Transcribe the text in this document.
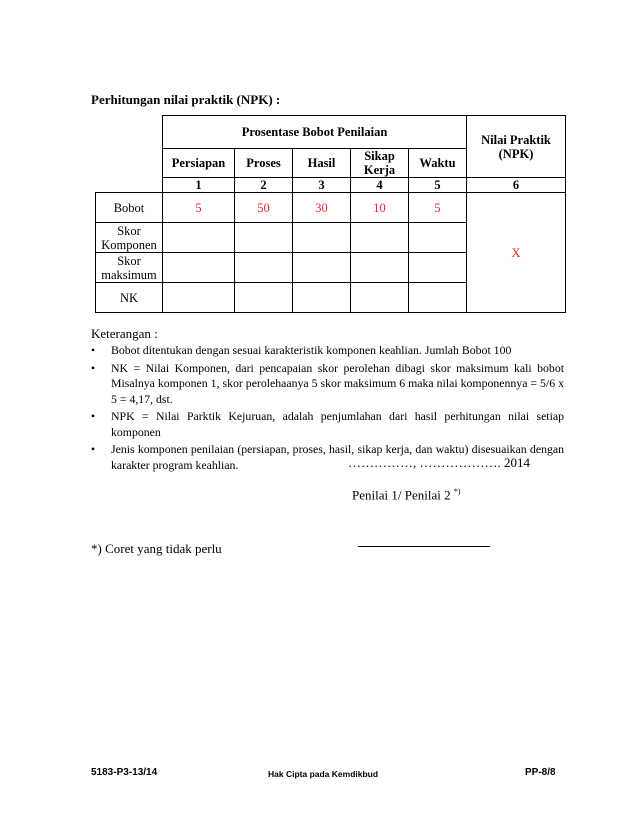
Perhitungan nilai praktik (NPK) :
	Prosentase Bobot Penilaian					Nilai Praktik (NPK)
	Persiapan	Proses	Hasil	Sikap Kerja	Waktu	
	1	2	3	4	5	6
Bobot	5	50	30	10	5	X
Skor Komponen						
Skor maksimum						
NK						
Keterangan :
• Bobot ditentukan dengan sesuai karakteristik komponen keahlian. Jumlah Bobot 100
• NK = Nilai Komponen, dari pencapaian skor perolehan dibagi skor maksimum kali bobot Misalnya komponen 1, skor perolehaanya 5 skor maksimum 6 maka nilai komponennya = 5/6 x 5 = 4,17, dst.
• NPK = Nilai Parktik Kejuruan, adalah penjumlahan dari hasil perhitungan nilai setiap komponen
• Jenis komponen penilaian (persiapan, proses, hasil, sikap kerja, dan waktu) disesuaikan dengan karakter program keahlian.	……………, ………………. 2014
Penilai 1/ Penilai 2 *)
*) Coret yang tidak perlu
5183-P3-13/14	Hak Cipta pada Kemdikbud	PP-8/8
